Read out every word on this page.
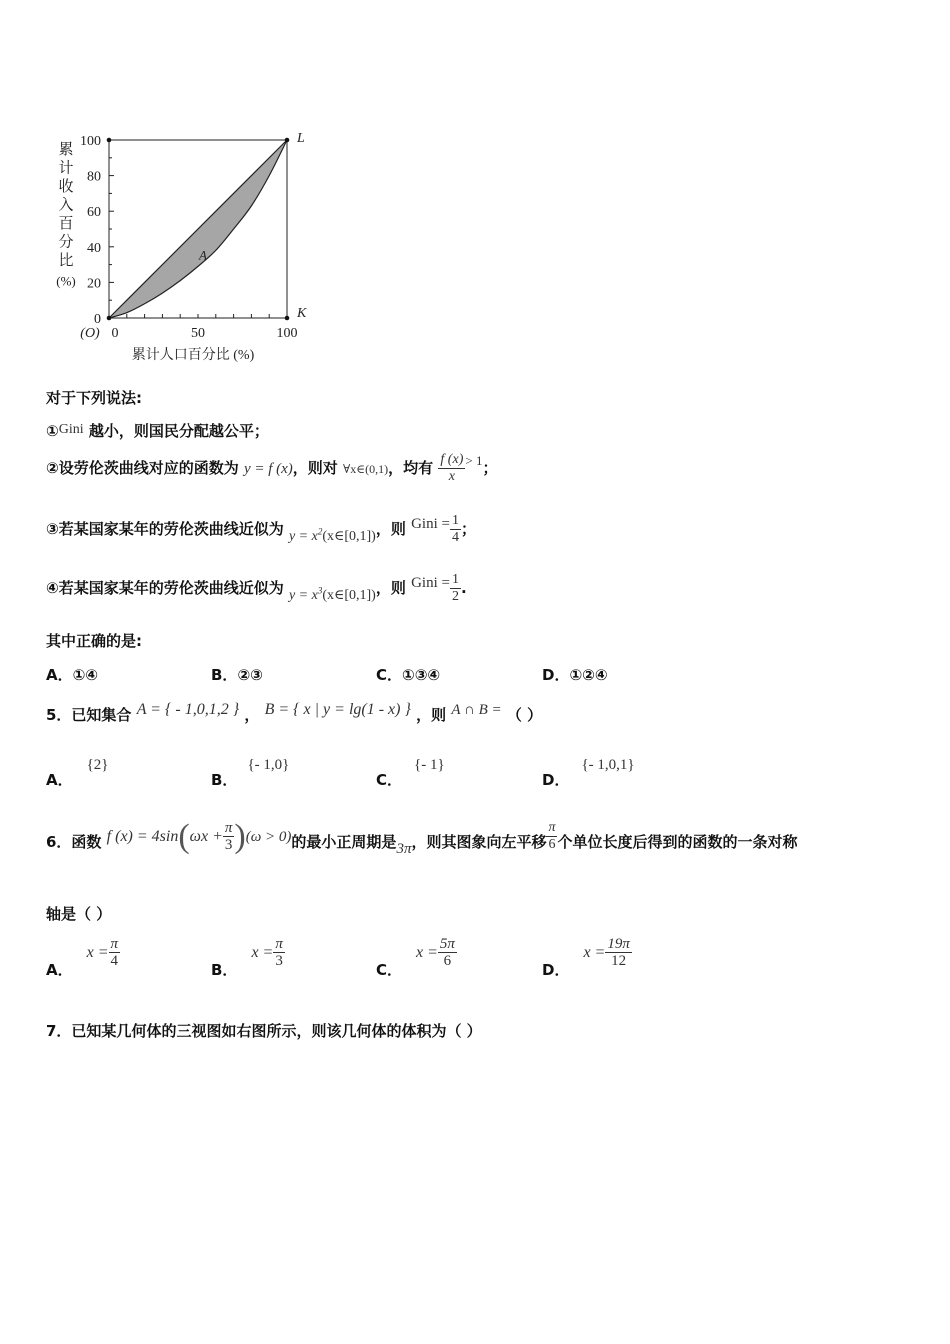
累
计
收
入
百
分
比
(%)
0
20
40
60
80
100
0	50	100
(O)
L
K
A
累计人口百分比 (%)
对于下列说法:
①Gini 越小，则国民分配越公平；
②设劳伦茨曲线对应的函数为 y = f (x)，则对 ∀x∈(0,1)，均有 $\frac{f (x)}{x} > 1$；
③若某国家某年的劳伦茨曲线近似为 $y = x^2(x\in[0,1])$，则 Gini = $\frac{1}{4}$ ；
④若某国家某年的劳伦茨曲线近似为 $y = x^3(x\in[0,1])$，则 Gini = $\frac{1}{2}$ .
其中正确的是:
A．①④	B．②③	C．①③④	D．①②④
5．已知集合 A = { - 1,0,1,2 } ， B = { x | y = lg(1 - x) } ，则 A ∩ B = （ ）
A．{2}
B．{- 1,0}
C．{- 1}
D．{- 1,0,1}
6．函数 f $(x) = 4\sin(\omega x + \frac{\pi}{3} )(\omega > 0)$的最小正周期是3π，则其图象向左平移 $\frac{\pi}{6}$ 个单位长度后得到的函数的一条对称
轴是（ ）
A．$x = \frac{\pi}{4}$
B．$x = \frac{\pi}{3}$
C．$x = \frac{5\pi}{6}$
D．$x = \frac{19\pi}{12}$
7．已知某几何体的三视图如右图所示，则该几何体的体积为（ ）
